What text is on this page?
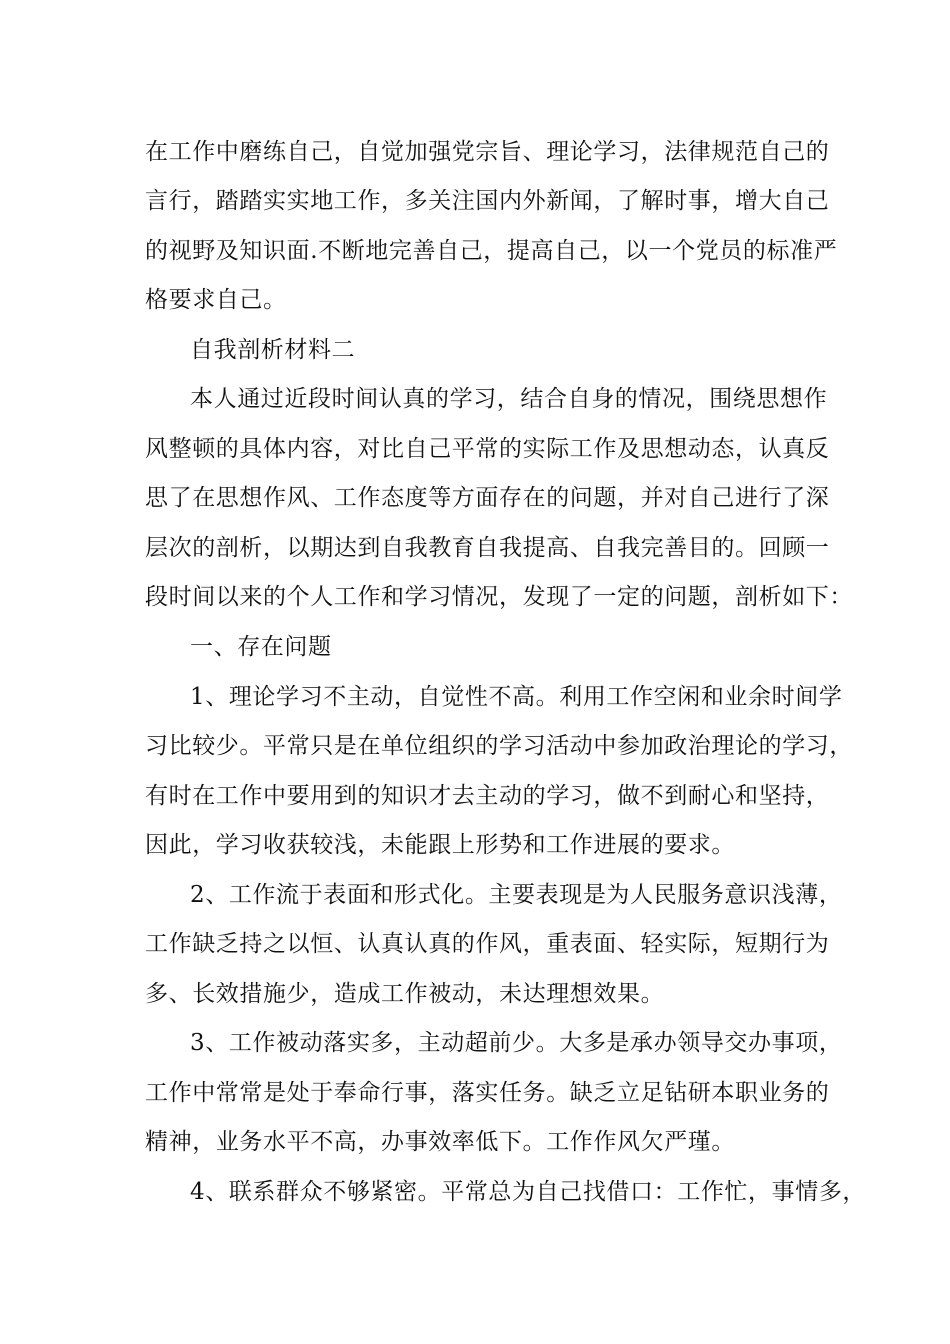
在工作中磨练自己，自觉加强党宗旨、理论学习，法律规范自己的
言行，踏踏实实地工作，多关注国内外新闻，了解时事，增大自己
的视野及知识面.不断地完善自己，提高自己，以一个党员的标准严
格要求自己。
自我剖析材料二
本人通过近段时间认真的学习，结合自身的情况，围绕思想作
风整顿的具体内容，对比自己平常的实际工作及思想动态，认真反
思了在思想作风、工作态度等方面存在的问题，并对自己进行了深
层次的剖析，以期达到自我教育自我提高、自我完善目的。回顾一
段时间以来的个人工作和学习情况，发现了一定的问题，剖析如下：
一、存在问题
1、理论学习不主动，自觉性不高。利用工作空闲和业余时间学
习比较少。平常只是在单位组织的学习活动中参加政治理论的学习，
有时在工作中要用到的知识才去主动的学习，做不到耐心和坚持，
因此，学习收获较浅，未能跟上形势和工作进展的要求。
2、工作流于表面和形式化。主要表现是为人民服务意识浅薄，
工作缺乏持之以恒、认真认真的作风，重表面、轻实际，短期行为
多、长效措施少，造成工作被动，未达理想效果。
3、工作被动落实多，主动超前少。大多是承办领导交办事项，
工作中常常是处于奉命行事，落实任务。缺乏立足钻研本职业务的
精神，业务水平不高，办事效率低下。工作作风欠严瑾。
4、联系群众不够紧密。平常总为自己找借口：工作忙，事情多，
